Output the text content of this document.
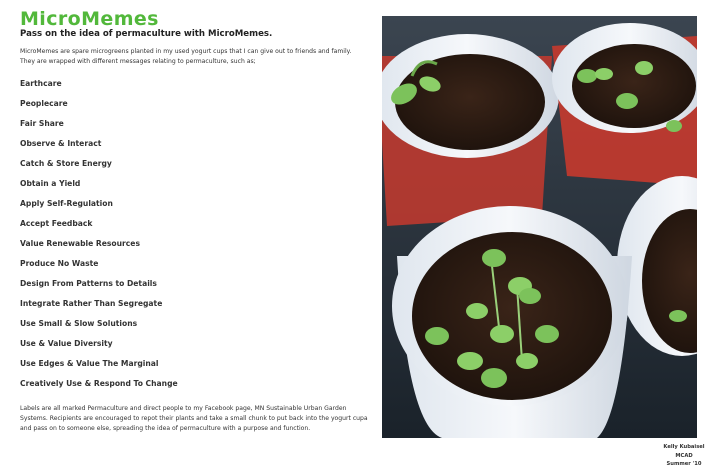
MicroMemes

Pass on the idea of permaculture with MicroMemes.

MicroMemes are spare microgreens planted in my used yogurt cups that I can give out to friends and family. They are wrapped with different messages relating to permaculture, such as;

Earthcare
Peoplecare
Fair Share
Observe & Interact
Catch & Store Energy
Obtain a Yield
Apply Self-Regulation
Accept Feedback
Value Renewable Resources
Produce No Waste
Design From Patterns to Details
Integrate Rather Than Segregate
Use Small & Slow Solutions
Use & Value Diversity
Use Edges & Value The Marginal
Creatively Use & Respond To Change

Labels are all marked Permaculture and direct people to my Facebook page, MN Sustainable Urban Garden Systems. Recipients are encouraged to repot their plants and take a small chunk to put back into the yogurt cupa and pass on to someone else, spreading the idea of permaculture with a purpose and function.

Kelly Kubaisel
MCAD
Summer '10
